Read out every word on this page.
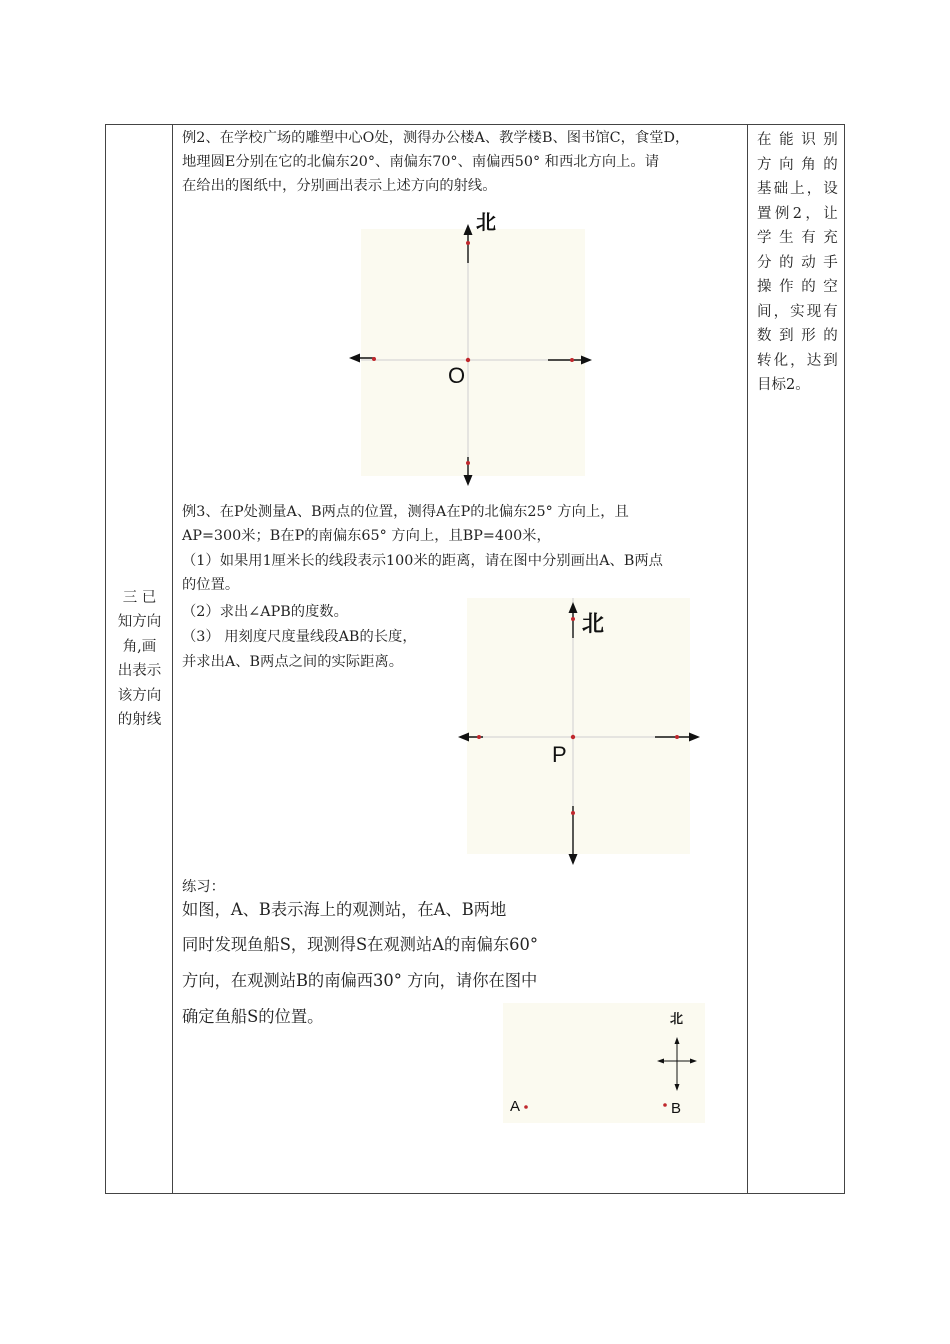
三 已知方向角,画出表示该方向的射线
在能识别
方向角的
基础上，设
置例2，让
学生有充
分的动手
操作的空
间，实现有
数到形的
转化，达到
目标2。
例2、在学校广场的雕塑中心O处，测得办公楼A、教学楼B、图书馆C，食堂D，
地理圆E分别在它的北偏东20°、南偏东70°、南偏西50° 和西北方向上。请
在给出的图纸中，分别画出表示上述方向的射线。
北
O
例3、在P处测量A、B两点的位置，测得A在P的北偏东25° 方向上，且
AP=300米；B在P的南偏东65° 方向上，且BP=400米，
（1）如果用1厘米长的线段表示100米的距离，请在图中分别画出A、B两点
的位置。
（2）求出∠APB的度数。
（3） 用刻度尺度量线段AB的长度，
并求出A、B两点之间的实际距离。
北
P
练习：
如图，A、B表示海上的观测站，在A、B两地
同时发现鱼船S，现测得S在观测站A的南偏东60°
方向，在观测站B的南偏西30° 方向，请你在图中
确定鱼船S的位置。	北
A	B
